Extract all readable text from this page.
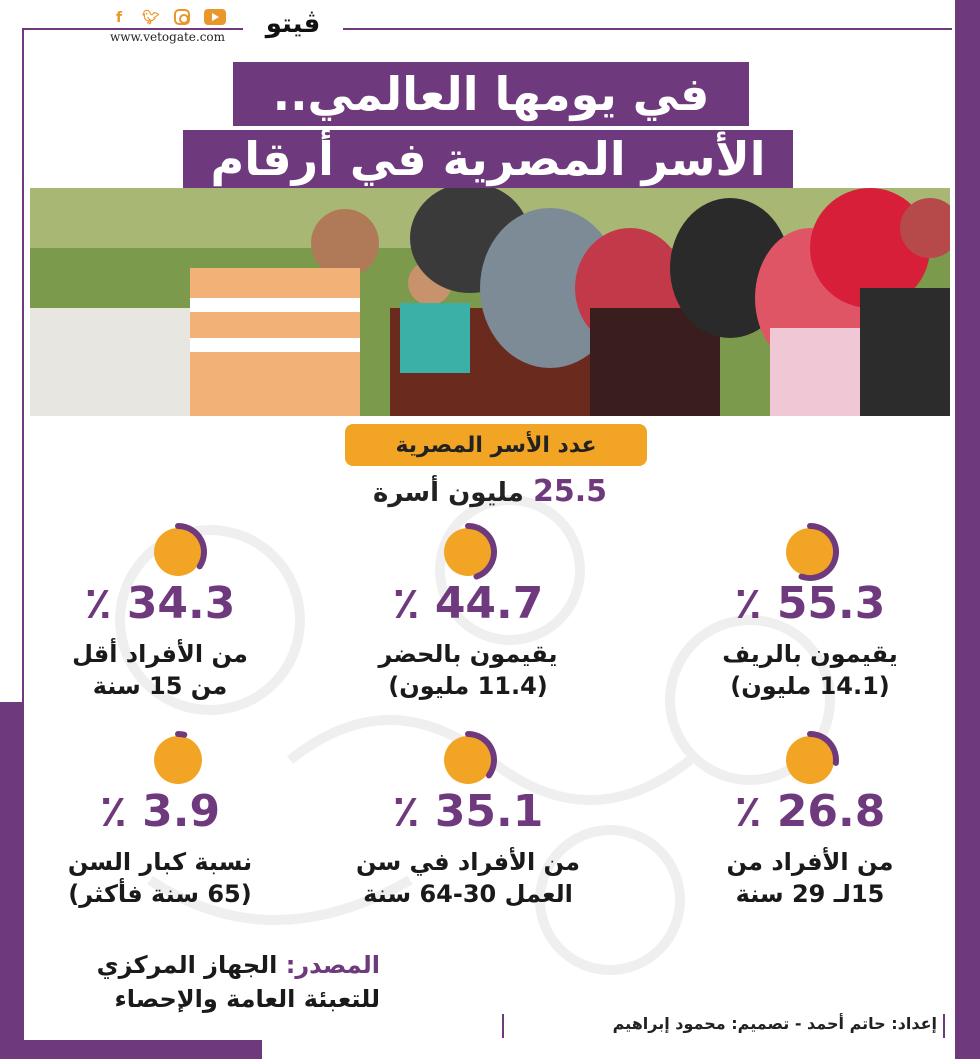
f	🐦︎
www.vetogate.com	ڤيتو
في يومها العالمي..
الأسر المصرية في أرقام
عدد الأسر المصرية
25.5 مليون أسرة
55.3 ٪
يقيمون بالريف
(14.1 مليون)
44.7 ٪
يقيمون بالحضر
(11.4 مليون)
34.3 ٪
من الأفراد أقل
من 15 سنة
26.8 ٪
من الأفراد من
15لـ 29 سنة
35.1 ٪
من الأفراد في سن
العمل 30-64 سنة
3.9 ٪
نسبة كبار السن
(65 سنة فأكثر)
المصدر: الجهاز المركزي
للتعبئة العامة والإحصاء
إعداد: حاتم أحمد - تصميم: محمود إبراهيم
